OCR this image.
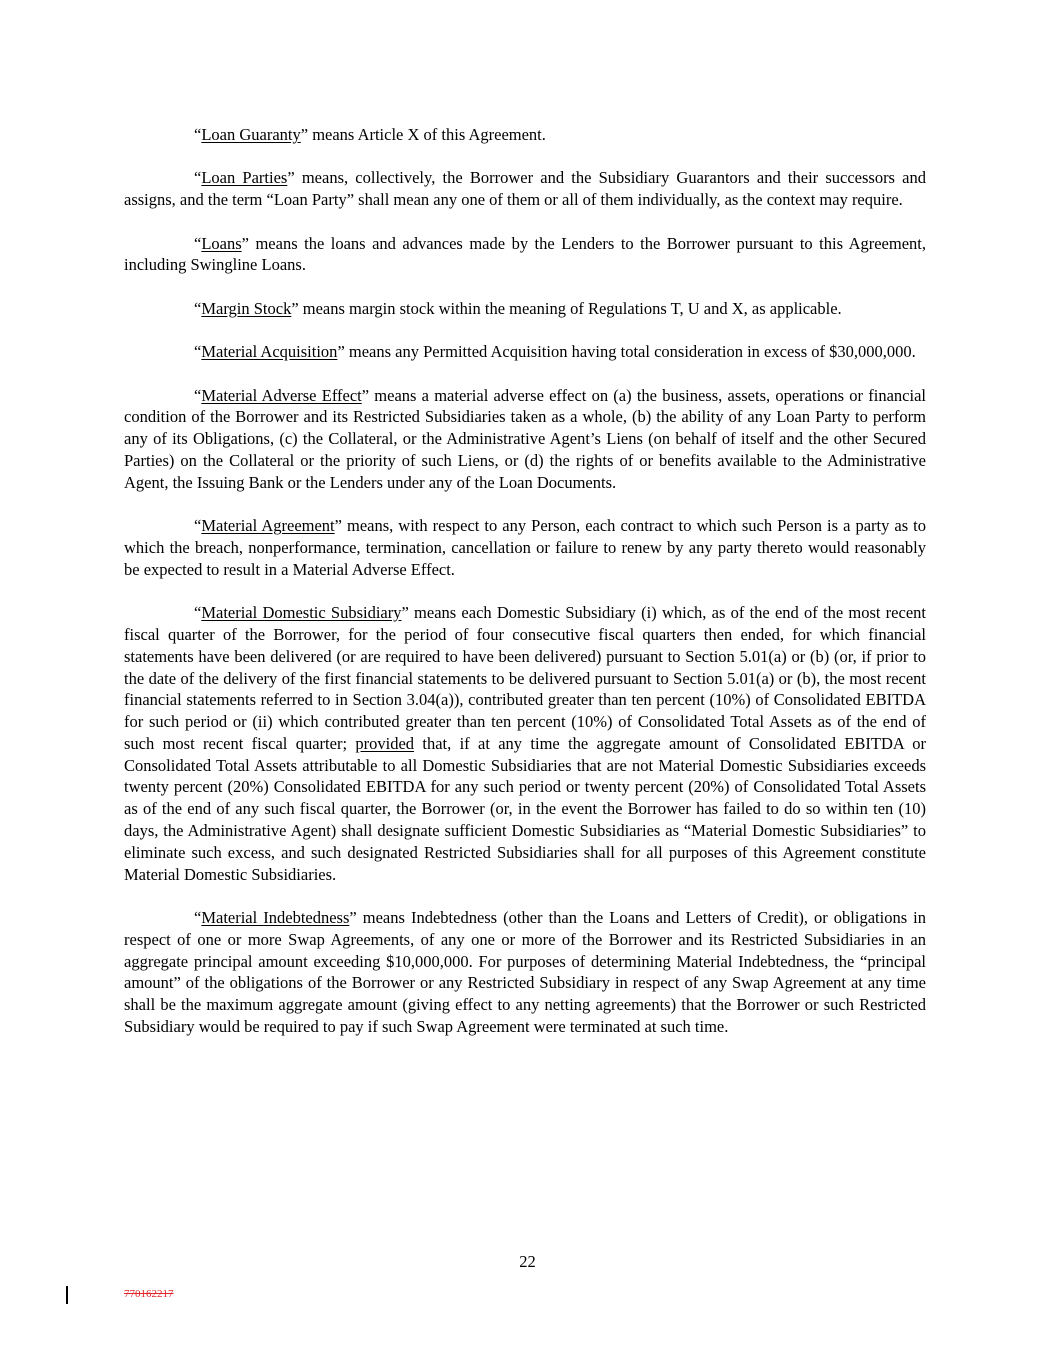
“Loan Guaranty” means Article X of this Agreement.

“Loan Parties” means, collectively, the Borrower and the Subsidiary Guarantors and their successors and assigns, and the term “Loan Party” shall mean any one of them or all of them individually, as the context may require.

“Loans” means the loans and advances made by the Lenders to the Borrower pursuant to this Agreement, including Swingline Loans.

“Margin Stock” means margin stock within the meaning of Regulations T, U and X, as applicable.

“Material Acquisition” means any Permitted Acquisition having total consideration in excess of $30,000,000.

“Material Adverse Effect” means a material adverse effect on (a) the business, assets, operations or financial condition of the Borrower and its Restricted Subsidiaries taken as a whole, (b) the ability of any Loan Party to perform any of its Obligations, (c) the Collateral, or the Administrative Agent’s Liens (on behalf of itself and the other Secured Parties) on the Collateral or the priority of such Liens, or (d) the rights of or benefits available to the Administrative Agent, the Issuing Bank or the Lenders under any of the Loan Documents.

“Material Agreement” means, with respect to any Person, each contract to which such Person is a party as to which the breach, nonperformance, termination, cancellation or failure to renew by any party thereto would reasonably be expected to result in a Material Adverse Effect.

“Material Domestic Subsidiary” means each Domestic Subsidiary (i) which, as of the end of the most recent fiscal quarter of the Borrower, for the period of four consecutive fiscal quarters then ended, for which financial statements have been delivered (or are required to have been delivered) pursuant to Section 5.01(a) or (b) (or, if prior to the date of the delivery of the first financial statements to be delivered pursuant to Section 5.01(a) or (b), the most recent financial statements referred to in Section 3.04(a)), contributed greater than ten percent (10%) of Consolidated EBITDA for such period or (ii) which contributed greater than ten percent (10%) of Consolidated Total Assets as of the end of such most recent fiscal quarter; provided that, if at any time the aggregate amount of Consolidated EBITDA or Consolidated Total Assets attributable to all Domestic Subsidiaries that are not Material Domestic Subsidiaries exceeds twenty percent (20%) Consolidated EBITDA for any such period or twenty percent (20%) of Consolidated Total Assets as of the end of any such fiscal quarter, the Borrower (or, in the event the Borrower has failed to do so within ten (10) days, the Administrative Agent) shall designate sufficient Domestic Subsidiaries as “Material Domestic Subsidiaries” to eliminate such excess, and such designated Restricted Subsidiaries shall for all purposes of this Agreement constitute Material Domestic Subsidiaries.

“Material Indebtedness” means Indebtedness (other than the Loans and Letters of Credit), or obligations in respect of one or more Swap Agreements, of any one or more of the Borrower and its Restricted Subsidiaries in an aggregate principal amount exceeding $10,000,000. For purposes of determining Material Indebtedness, the “principal amount” of the obligations of the Borrower or any Restricted Subsidiary in respect of any Swap Agreement at any time shall be the maximum aggregate amount (giving effect to any netting agreements) that the Borrower or such Restricted Subsidiary would be required to pay if such Swap Agreement were terminated at such time.

22
770162217
